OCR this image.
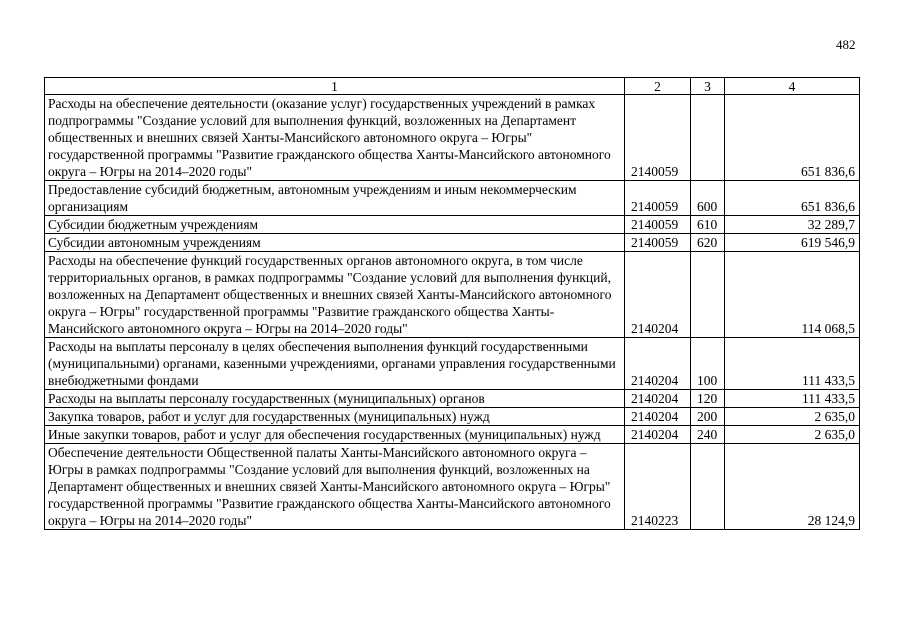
482
1	2	3	4
Расходы на обеспечение деятельности (оказание услуг) государственных учреждений в рамках подпрограммы "Создание условий для выполнения функций, возложенных на Департамент общественных и внешних связей Ханты-Мансийского автономного округа – Югры" государственной программы "Развитие гражданского общества Ханты-Мансийского автономного округа – Югры на 2014–2020 годы"	2140059		651 836,6
Предоставление субсидий бюджетным, автономным учреждениям и иным некоммерческим организациям	2140059	600	651 836,6
Субсидии бюджетным учреждениям	2140059	610	32 289,7
Субсидии автономным учреждениям	2140059	620	619 546,9
Расходы на обеспечение функций государственных органов автономного округа, в том числе территориальных органов, в рамках подпрограммы "Создание условий для выполнения функций, возложенных на Департамент общественных и внешних связей Ханты-Мансийского автономного округа – Югры" государственной программы "Развитие гражданского общества Ханты-Мансийского автономного округа – Югры на 2014–2020 годы"	2140204		114 068,5
Расходы на выплаты персоналу в целях обеспечения выполнения функций государственными (муниципальными) органами, казенными учреждениями, органами управления государственными внебюджетными фондами	2140204	100	111 433,5
Расходы на выплаты персоналу государственных (муниципальных) органов	2140204	120	111 433,5
Закупка товаров, работ и услуг для государственных (муниципальных) нужд	2140204	200	2 635,0
Иные закупки товаров, работ и услуг для обеспечения государственных (муниципальных) нужд	2140204	240	2 635,0
Обеспечение деятельности Общественной палаты Ханты-Мансийского автономного округа – Югры в рамках подпрограммы "Создание условий для выполнения функций, возложенных на Департамент общественных и внешних связей Ханты-Мансийского автономного округа – Югры" государственной программы "Развитие гражданского общества Ханты-Мансийского автономного округа – Югры на 2014–2020 годы"	2140223		28 124,9
